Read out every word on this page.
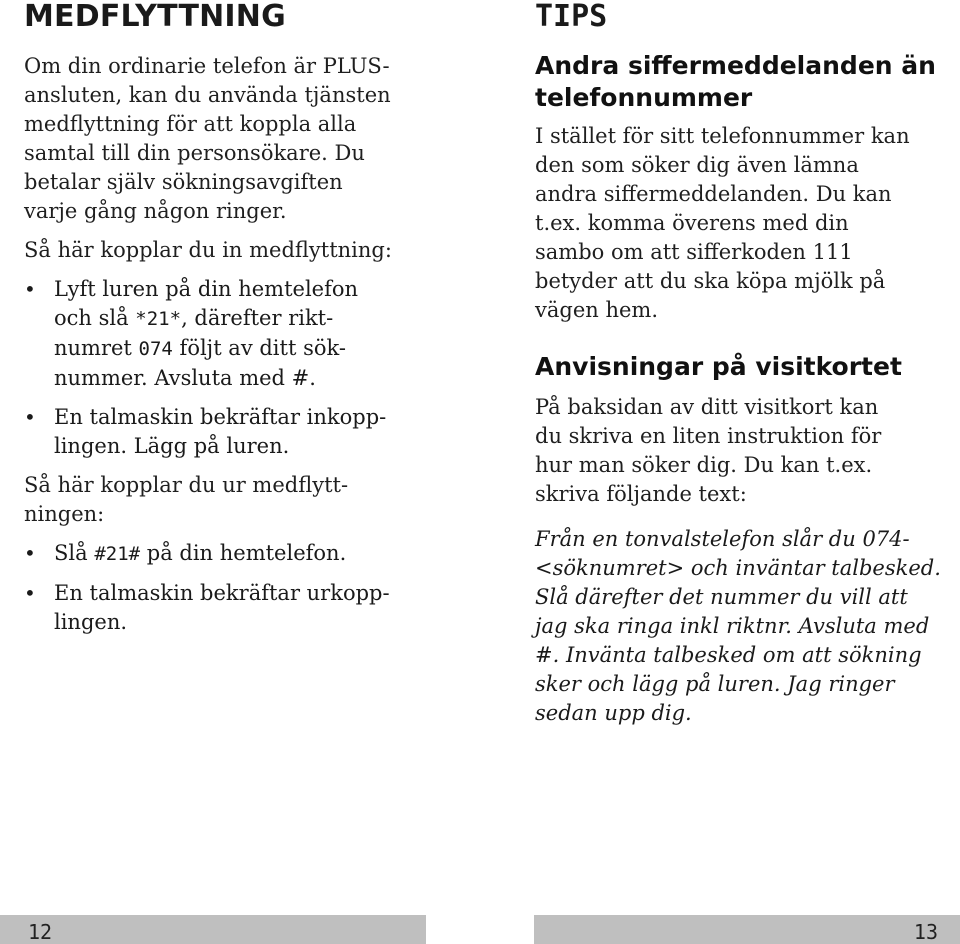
MEDFLYTTNING

Om din ordinarie telefon är PLUS-

ansluten, kan du använda tjänsten

medflyttning för att koppla alla

samtal till din personsökare. Du

betalar själv sökningsavgiften

varje gång någon ringer.

Så här kopplar du in medflyttning:

• Lyft luren på din hemtelefon
och slå *21*, därefter rikt-
numret 074 följt av ditt sök-
nummer. Avsluta med #.
• En talmaskin bekräftar inkopp-
lingen. Lägg på luren.

Så här kopplar du ur medflytt-

ningen:

• Slå #21# på din hemtelefon.
• En talmaskin bekräftar urkopp-
lingen.
TIPS

Andra siffermeddelanden än

telefonnummer

I stället för sitt telefonnummer kan

den som söker dig även lämna

andra siffermeddelanden. Du kan

t.ex. komma överens med din

sambo om att sifferkoden 111

betyder att du ska köpa mjölk på

vägen hem.

Anvisningar på visitkortet

På baksidan av ditt visitkort kan

du skriva en liten instruktion för

hur man söker dig. Du kan t.ex.

skriva följande text:

Från en tonvalstelefon slår du 074-
<söknumret> och inväntar talbesked.
Slå därefter det nummer du vill att
jag ska ringa inkl riktnr. Avsluta med
#. Invänta talbesked om att sökning
sker och lägg på luren. Jag ringer
sedan upp dig.
12	13
